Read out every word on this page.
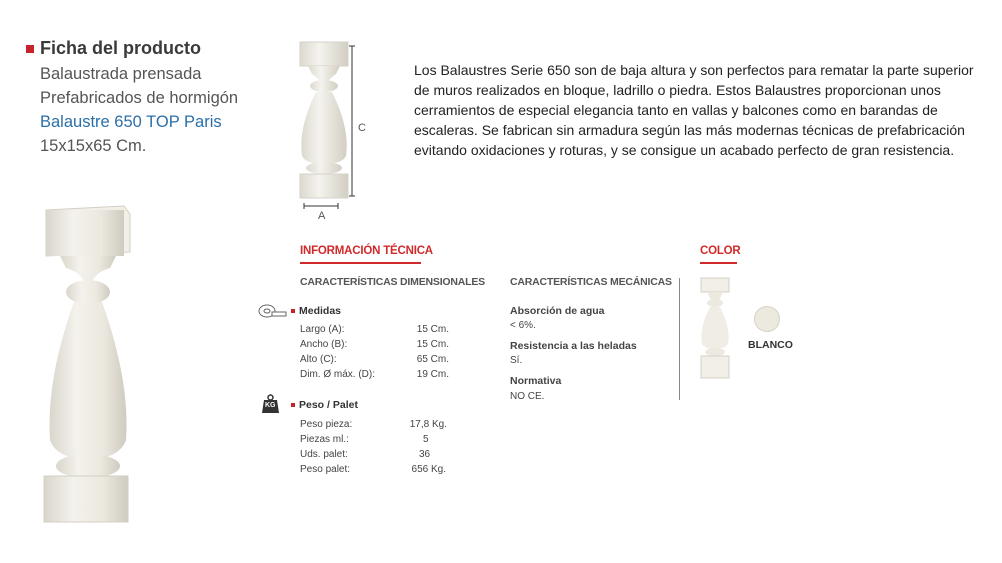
Ficha del producto
Balaustrada prensada
Prefabricados de hormigón
Balaustre 650 TOP Paris
15x15x65 Cm.
C
A
Los Balaustres Serie 650 son de baja altura y son perfectos para rematar la parte superior de muros realizados en bloque, ladrillo o piedra. Estos Balaustres proporcionan unos cerramientos de especial elegancia tanto en vallas y balcones como en barandas de escaleras. Se fabrican sin armadura según las más modernas técnicas de prefabricación evitando oxidaciones y roturas, y se consigue un acabado perfecto de gran resistencia.
INFORMACIÓN TÉCNICA
CARACTERÍSTICAS DIMENSIONALES CARACTERÍSTICAS MECÁNICAS
Medidas
Largo (A):	15 Cm.
Ancho (B):	15 Cm.
Alto (C):	65 Cm.
Dim. Ø máx. (D):	19 Cm.
KG Peso / Palet
Peso pieza:	17,8 Kg.
Piezas ml.:	5
Uds. palet:	36
Peso palet:	656 Kg.
Absorción de agua
< 6%.
Resistencia a las heladas
Sí.
Normativa
NO CE.
COLOR
BLANCO
